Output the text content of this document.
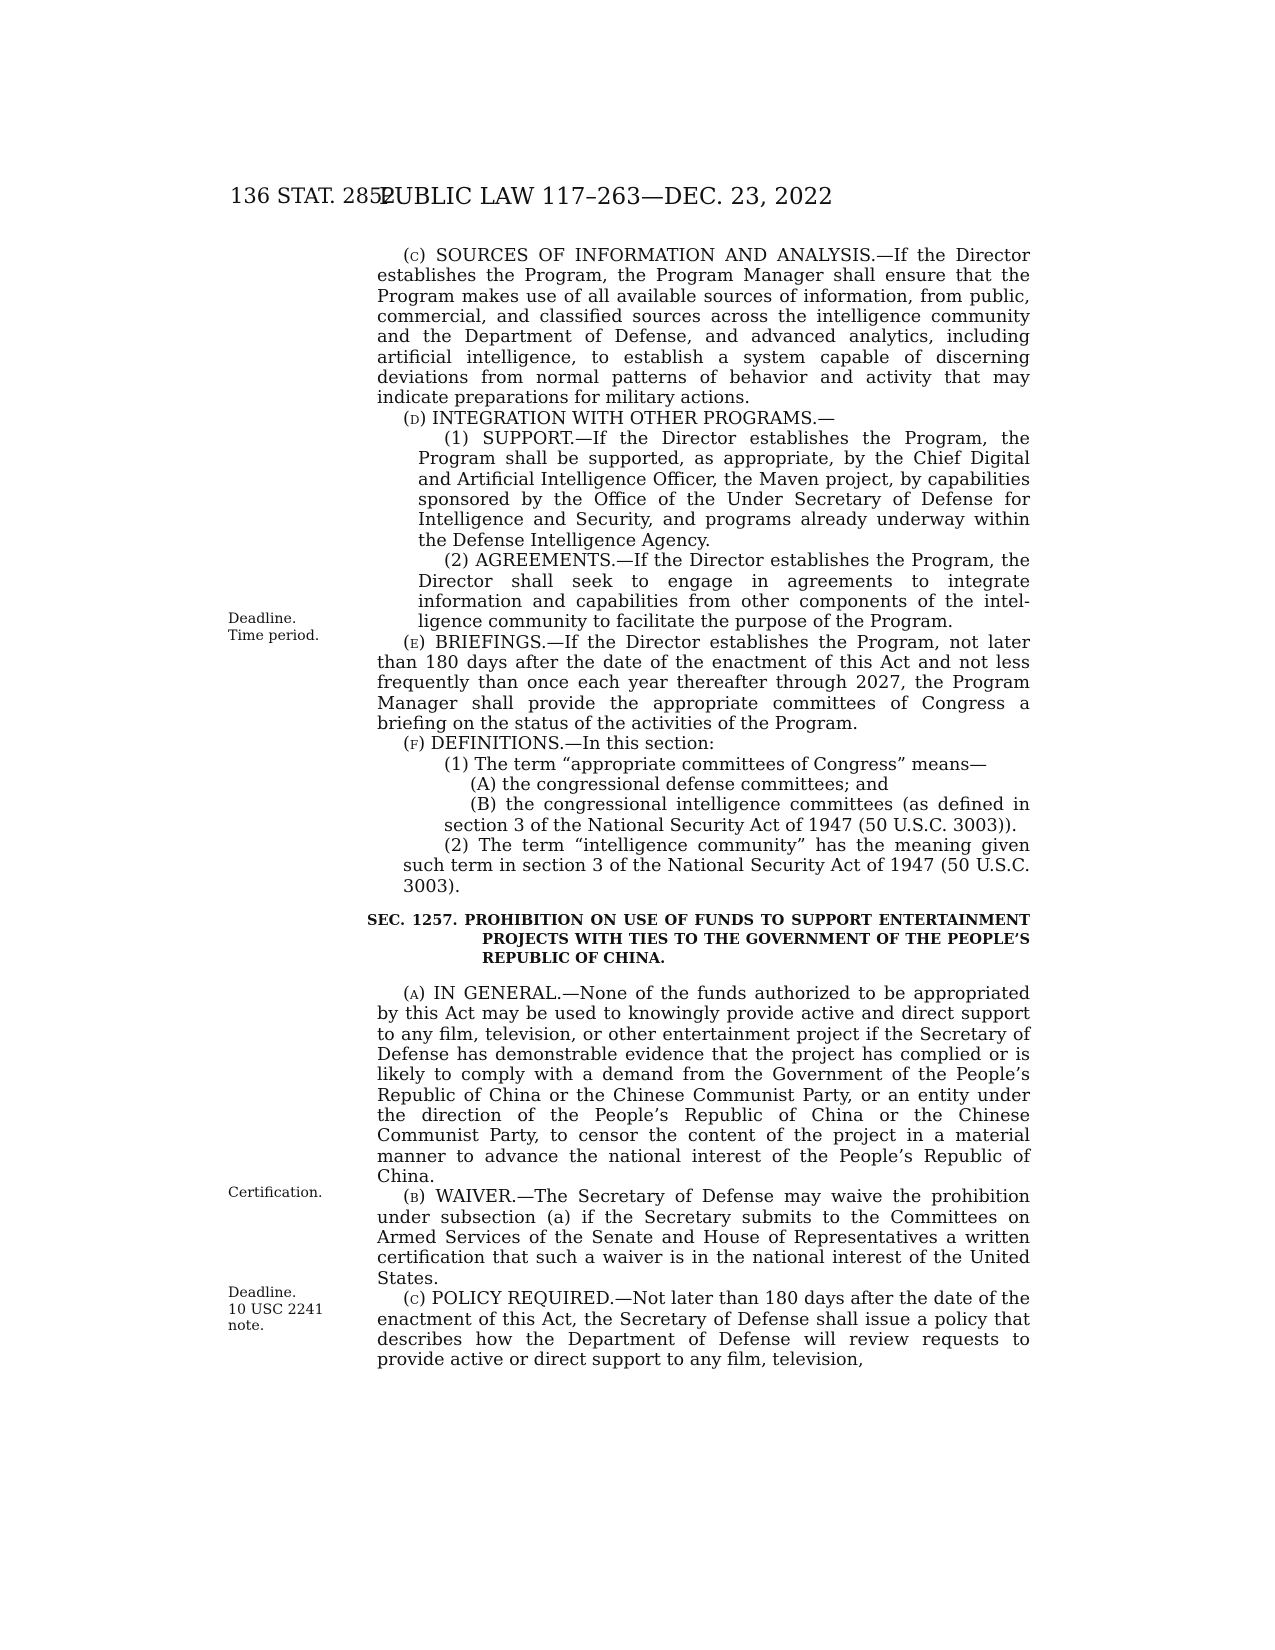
136 STAT. 2852
PUBLIC LAW 117–263—DEC. 23, 2022
Deadline.
Time period.
Certification.
Deadline.
10 USC 2241
note.

(c) SOURCES OF INFORMATION AND ANALYSIS.—If the Director establishes the Program, the Program Manager shall ensure that the Program makes use of all available sources of information, from public, commercial, and classified sources across the intelligence community and the Department of Defense, and advanced analytics, including artificial intelligence, to establish a system capable of discerning deviations from normal patterns of behavior and activity that may indicate preparations for military actions.

(d) INTEGRATION WITH OTHER PROGRAMS.—

(1) SUPPORT.—If the Director establishes the Program, the Program shall be supported, as appropriate, by the Chief Digital and Artificial Intelligence Officer, the Maven project, by capabilities sponsored by the Office of the Under Secretary of Defense for Intelligence and Security, and programs already underway within the Defense Intelligence Agency.

(2) AGREEMENTS.—If the Director establishes the Program, the Director shall seek to engage in agreements to integrate information and capabilities from other components of the intelligence community to facilitate the purpose of the Program.

(e) BRIEFINGS.—If the Director establishes the Program, not later than 180 days after the date of the enactment of this Act and not less frequently than once each year thereafter through 2027, the Program Manager shall provide the appropriate committees of Congress a briefing on the status of the activities of the Program.

(f) DEFINITIONS.—In this section:

(1) The term “appropriate committees of Congress” means—

(A) the congressional defense committees; and

(B) the congressional intelligence committees (as defined in section 3 of the National Security Act of 1947 (50 U.S.C. 3003)).

(2) The term “intelligence community” has the meaning given such term in section 3 of the National Security Act of 1947 (50 U.S.C. 3003).

SEC. 1257. PROHIBITION ON USE OF FUNDS TO SUPPORT ENTERTAINMENT PROJECTS WITH TIES TO THE GOVERNMENT OF THE PEOPLE’S REPUBLIC OF CHINA.

(a) IN GENERAL.—None of the funds authorized to be appropriated by this Act may be used to knowingly provide active and direct support to any film, television, or other entertainment project if the Secretary of Defense has demonstrable evidence that the project has complied or is likely to comply with a demand from the Government of the People’s Republic of China or the Chinese Communist Party, or an entity under the direction of the People’s Republic of China or the Chinese Communist Party, to censor the content of the project in a material manner to advance the national interest of the People’s Republic of China.

(b) WAIVER.—The Secretary of Defense may waive the prohibition under subsection (a) if the Secretary submits to the Committees on Armed Services of the Senate and House of Representatives a written certification that such a waiver is in the national interest of the United States.

(c) POLICY REQUIRED.—Not later than 180 days after the date of the enactment of this Act, the Secretary of Defense shall issue a policy that describes how the Department of Defense will review requests to provide active or direct support to any film, television,
